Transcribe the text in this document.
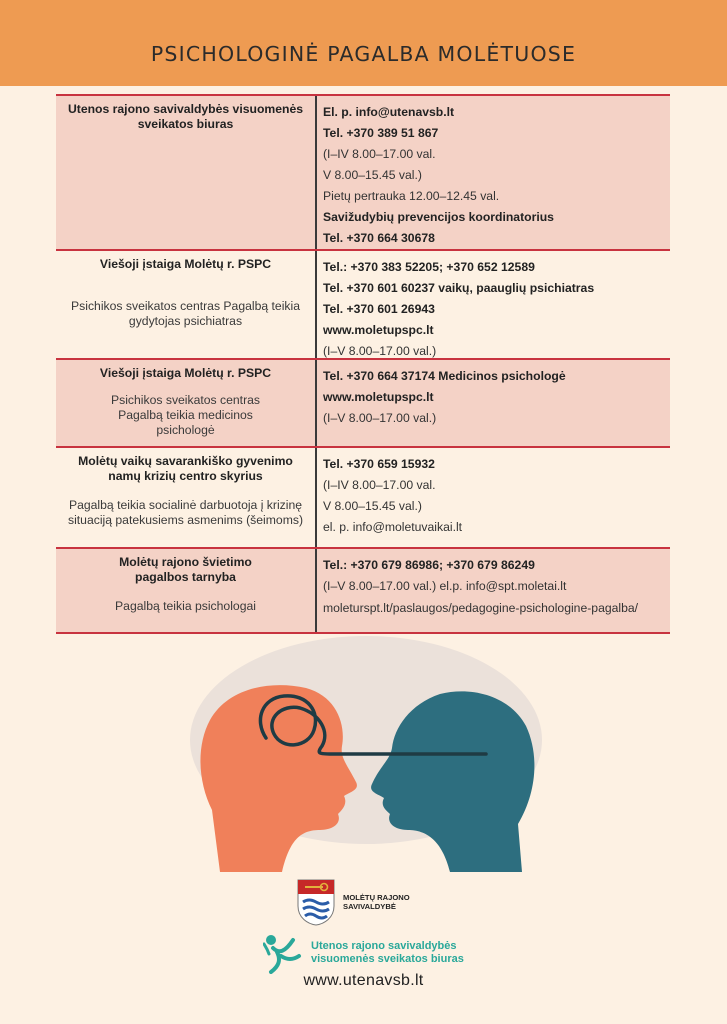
PSICHOLOGINĖ PAGALBA MOLĖTUOSE
Utenos rajono savivaldybės visuomenės sveikatos biuras
El. p. info@utenavsb.lt
Tel. +370 389 51 867
(I–IV 8.00–17.00 val.
V 8.00–15.45 val.)
Pietų pertrauka 12.00–12.45 val.
Savižudybių prevencijos koordinatorius
Tel. +370 664 30678
Viešoji įstaiga Molėtų r. PSPC
Psichikos sveikatos centras Pagalbą teikia gydytojas psichiatras
Tel.: +370 383 52205; +370 652 12589
Tel. +370 601 60237 vaikų, paauglių psichiatras
Tel. +370 601 26943
www.moletupspc.lt
(I–V 8.00–17.00 val.)
Viešoji įstaiga Molėtų r. PSPC
Psichikos sveikatos centras Pagalbą teikia medicinos psichologė
Tel. +370 664 37174 Medicinos psichologė
www.moletupspc.lt
(I–V 8.00–17.00 val.)
Molėtų vaikų savarankiško gyvenimo namų krizių centro skyrius
Pagalbą teikia socialinė darbuotoja į krizinę situaciją patekusiems asmenims (šeimoms)
Tel. +370 659 15932
(I–IV 8.00–17.00 val.
V 8.00–15.45 val.)
el. p. info@moletuvaikai.lt
Molėtų rajono švietimo pagalbos tarnyba
Pagalbą teikia psichologai
Tel.: +370 679 86986; +370 679 86249
(I–V 8.00–17.00 val.) el.p. info@spt.moletai.lt
moleturspt.lt/paslaugos/pedagogine-psichologine-pagalba/
MOLĖTŲ RAJONO SAVIVALDYBĖ
Utenos rajono savivaldybės
visuomenės sveikatos biuras
www.utenavsb.lt
